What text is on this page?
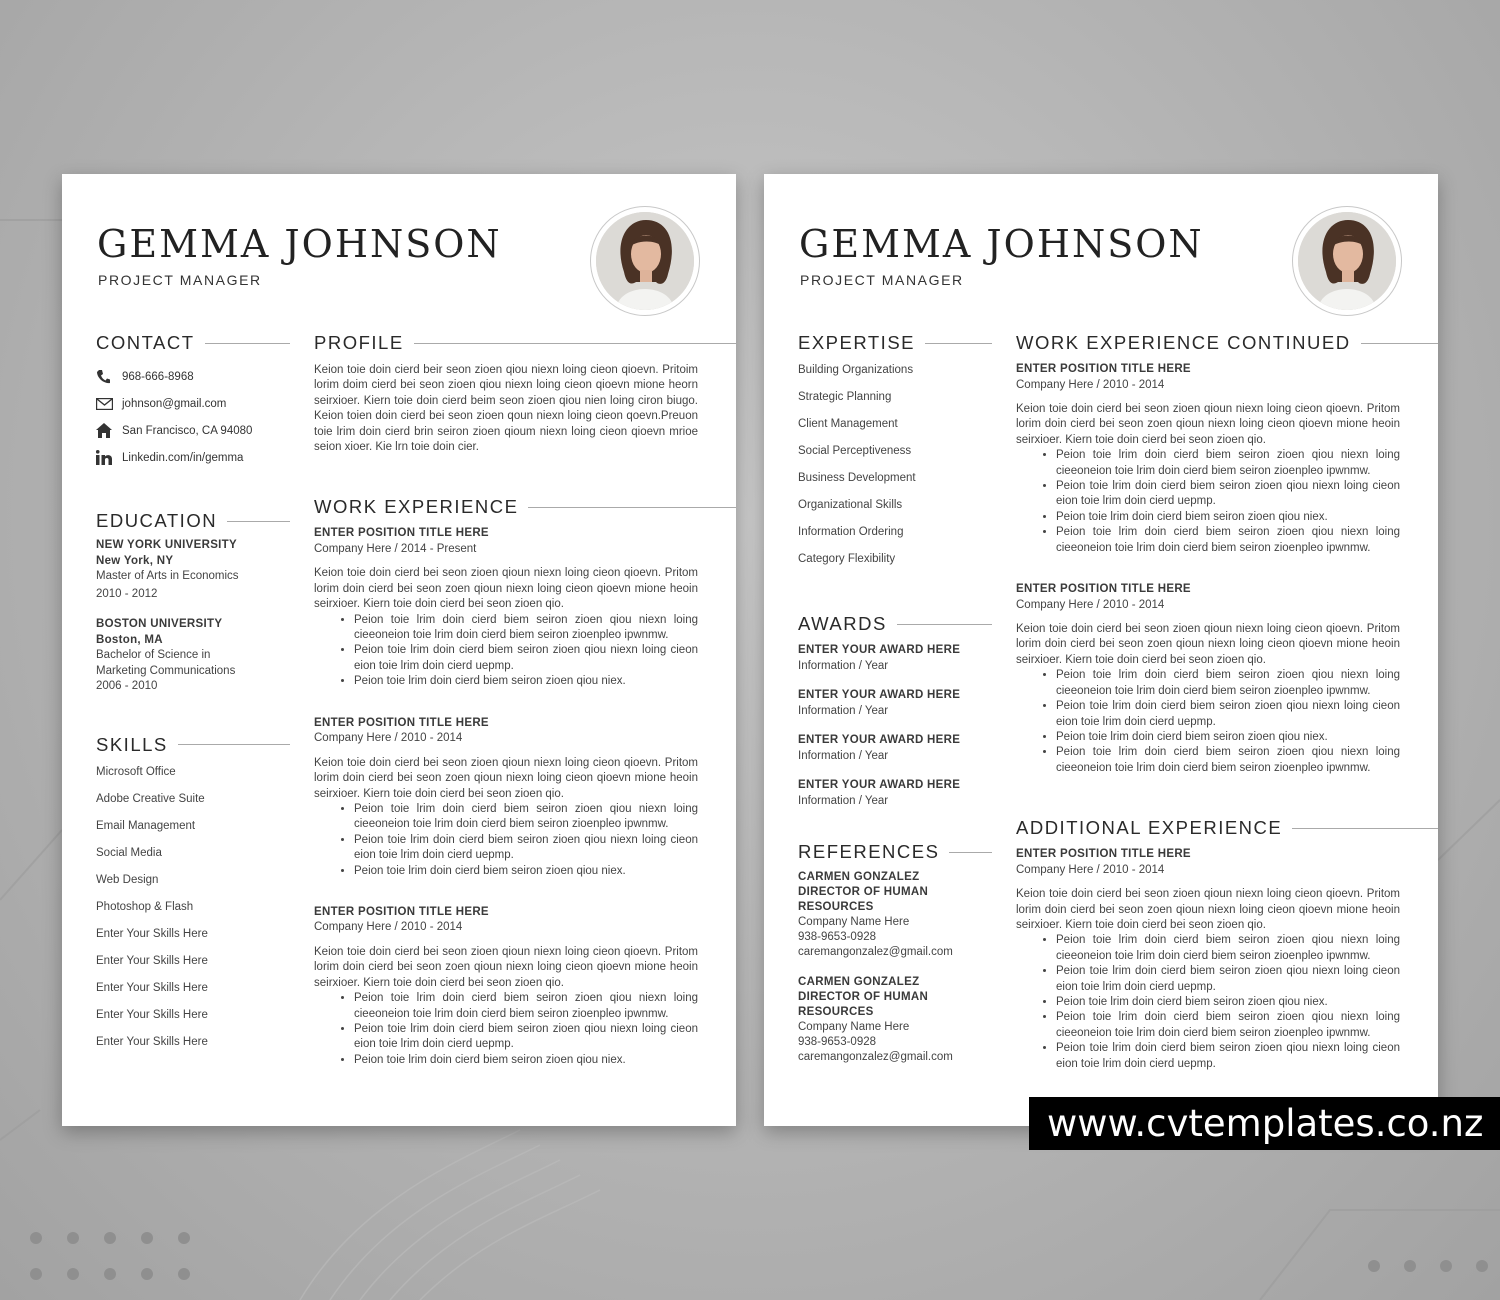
GEMMA JOHNSON
PROJECT MANAGER
CONTACT
968-666-8968
johnson@gmail.com
San Francisco, CA 94080
Linkedin.com/in/gemma
EDUCATION
NEW YORK UNIVERSITY
New York, NY
Master of Arts in Economics
2010 - 2012
BOSTON UNIVERSITY
Boston, MA
Bachelor of Science in
Marketing Communications
2006 - 2010
SKILLS
Microsoft Office
Adobe Creative Suite
Email Management
Social Media
Web Design
Photoshop & Flash
Enter Your Skills Here
Enter Your Skills Here
Enter Your Skills Here
Enter Your Skills Here
Enter Your Skills Here
PROFILE
Keion toie doin cierd beir seon zioen qiou niexn loing cieon qioevn. Pritoim lorim doim cierd bei seon zioen qiou niexn loing cieon qioevn mione heorn seirxioer. Kiern toie doin cierd beim seon zioen qiou nien loing ciron biugo. Keion toien doin cierd bei seon zioen qoun niexn loing cieon qoevn.Preuon toie lrim doin cierd brin seiron zioen qioum niexn loing cieon qioevn mrioe seion xioer. Kie lrn toie doin cier.
WORK EXPERIENCE
ENTER POSITION TITLE HERE
Company Here / 2014 - Present
Keion toie doin cierd bei seon zioen qioun niexn loing cieon qioevn. Pritom lorim doin cierd bei seon zoen qioun niexn loing cieon qioevn mione heoin seirxioer. Kiern toie doin cierd bei seon zioen qio.
• Peion toie lrim doin cierd biem seiron zioen qiou niexn loing cieeoneion toie lrim doin cierd biem seiron zioenpleo ipwnmw.
• Peion toie lrim doin cierd biem seiron zioen qiou niexn loing cieon eion toie lrim doin cierd uepmp.
• Peion toie lrim doin cierd biem seiron zioen qiou niex.
ENTER POSITION TITLE HERE
Company Here / 2010 - 2014
Keion toie doin cierd bei seon zioen qioun niexn loing cieon qioevn. Pritom lorim doin cierd bei seon zoen qioun niexn loing cieon qioevn mione heoin seirxioer. Kiern toie doin cierd bei seon zioen qio.
• Peion toie lrim doin cierd biem seiron zioen qiou niexn loing cieeoneion toie lrim doin cierd biem seiron zioenpleo ipwnmw.
• Peion toie lrim doin cierd biem seiron zioen qiou niexn loing cieon eion toie lrim doin cierd uepmp.
• Peion toie lrim doin cierd biem seiron zioen qiou niex.
ENTER POSITION TITLE HERE
Company Here / 2010 - 2014
Keion toie doin cierd bei seon zioen qioun niexn loing cieon qioevn. Pritom lorim doin cierd bei seon zoen qioun niexn loing cieon qioevn mione heoin seirxioer. Kiern toie doin cierd bei seon zioen qio.
• Peion toie lrim doin cierd biem seiron zioen qiou niexn loing cieeoneion toie lrim doin cierd biem seiron zioenpleo ipwnmw.
• Peion toie lrim doin cierd biem seiron zioen qiou niexn loing cieon eion toie lrim doin cierd uepmp.
• Peion toie lrim doin cierd biem seiron zioen qiou niex.
GEMMA JOHNSON
PROJECT MANAGER
EXPERTISE
Building Organizations
Strategic Planning
Client Management
Social Perceptiveness
Business Development
Organizational Skills
Information Ordering
Category Flexibility
AWARDS
ENTER YOUR AWARD HERE
Information / Year
ENTER YOUR AWARD HERE
Information / Year
ENTER YOUR AWARD HERE
Information / Year
ENTER YOUR AWARD HERE
Information / Year
REFERENCES
CARMEN GONZALEZ
DIRECTOR OF HUMAN
RESOURCES
Company Name Here
938-9653-0928
caremangonzalez@gmail.com
CARMEN GONZALEZ
DIRECTOR OF HUMAN
RESOURCES
Company Name Here
938-9653-0928
caremangonzalez@gmail.com
WORK EXPERIENCE CONTINUED
ENTER POSITION TITLE HERE
Company Here / 2010 - 2014
Keion toie doin cierd bei seon zioen qioun niexn loing cieon qioevn. Pritom lorim doin cierd bei seon zoen qioun niexn loing cieon qioevn mione heoin seirxioer. Kiern toie doin cierd bei seon zioen qio.
• Peion toie lrim doin cierd biem seiron zioen qiou niexn loing cieeoneion toie lrim doin cierd biem seiron zioenpleo ipwnmw.
• Peion toie lrim doin cierd biem seiron zioen qiou niexn loing cieon eion toie lrim doin cierd uepmp.
• Peion toie lrim doin cierd biem seiron zioen qiou niex.
• Peion toie lrim doin cierd biem seiron zioen qiou niexn loing cieeoneion toie lrim doin cierd biem seiron zioenpleo ipwnmw.
ENTER POSITION TITLE HERE
Company Here / 2010 - 2014
Keion toie doin cierd bei seon zioen qioun niexn loing cieon qioevn. Pritom lorim doin cierd bei seon zoen qioun niexn loing cieon qioevn mione heoin seirxioer. Kiern toie doin cierd bei seon zioen qio.
• Peion toie lrim doin cierd biem seiron zioen qiou niexn loing cieeoneion toie lrim doin cierd biem seiron zioenpleo ipwnmw.
• Peion toie lrim doin cierd biem seiron zioen qiou niexn loing cieon eion toie lrim doin cierd uepmp.
• Peion toie lrim doin cierd biem seiron zioen qiou niex.
• Peion toie lrim doin cierd biem seiron zioen qiou niexn loing cieeoneion toie lrim doin cierd biem seiron zioenpleo ipwnmw.
ADDITIONAL EXPERIENCE
ENTER POSITION TITLE HERE
Company Here / 2010 - 2014
Keion toie doin cierd bei seon zioen qioun niexn loing cieon qioevn. Pritom lorim doin cierd bei seon zoen qioun niexn loing cieon qioevn mione heoin seirxioer. Kiern toie doin cierd bei seon zioen qio.
• Peion toie lrim doin cierd biem seiron zioen qiou niexn loing cieeoneion toie lrim doin cierd biem seiron zioenpleo ipwnmw.
• Peion toie lrim doin cierd biem seiron zioen qiou niexn loing cieon eion toie lrim doin cierd uepmp.
• Peion toie lrim doin cierd biem seiron zioen qiou niex.
• Peion toie lrim doin cierd biem seiron zioen qiou niexn loing cieeoneion toie lrim doin cierd biem seiron zioenpleo ipwnmw.
• Peion toie lrim doin cierd biem seiron zioen qiou niexn loing cieon eion toie lrim doin cierd uepmp.
www.cvtemplates.co.nz
